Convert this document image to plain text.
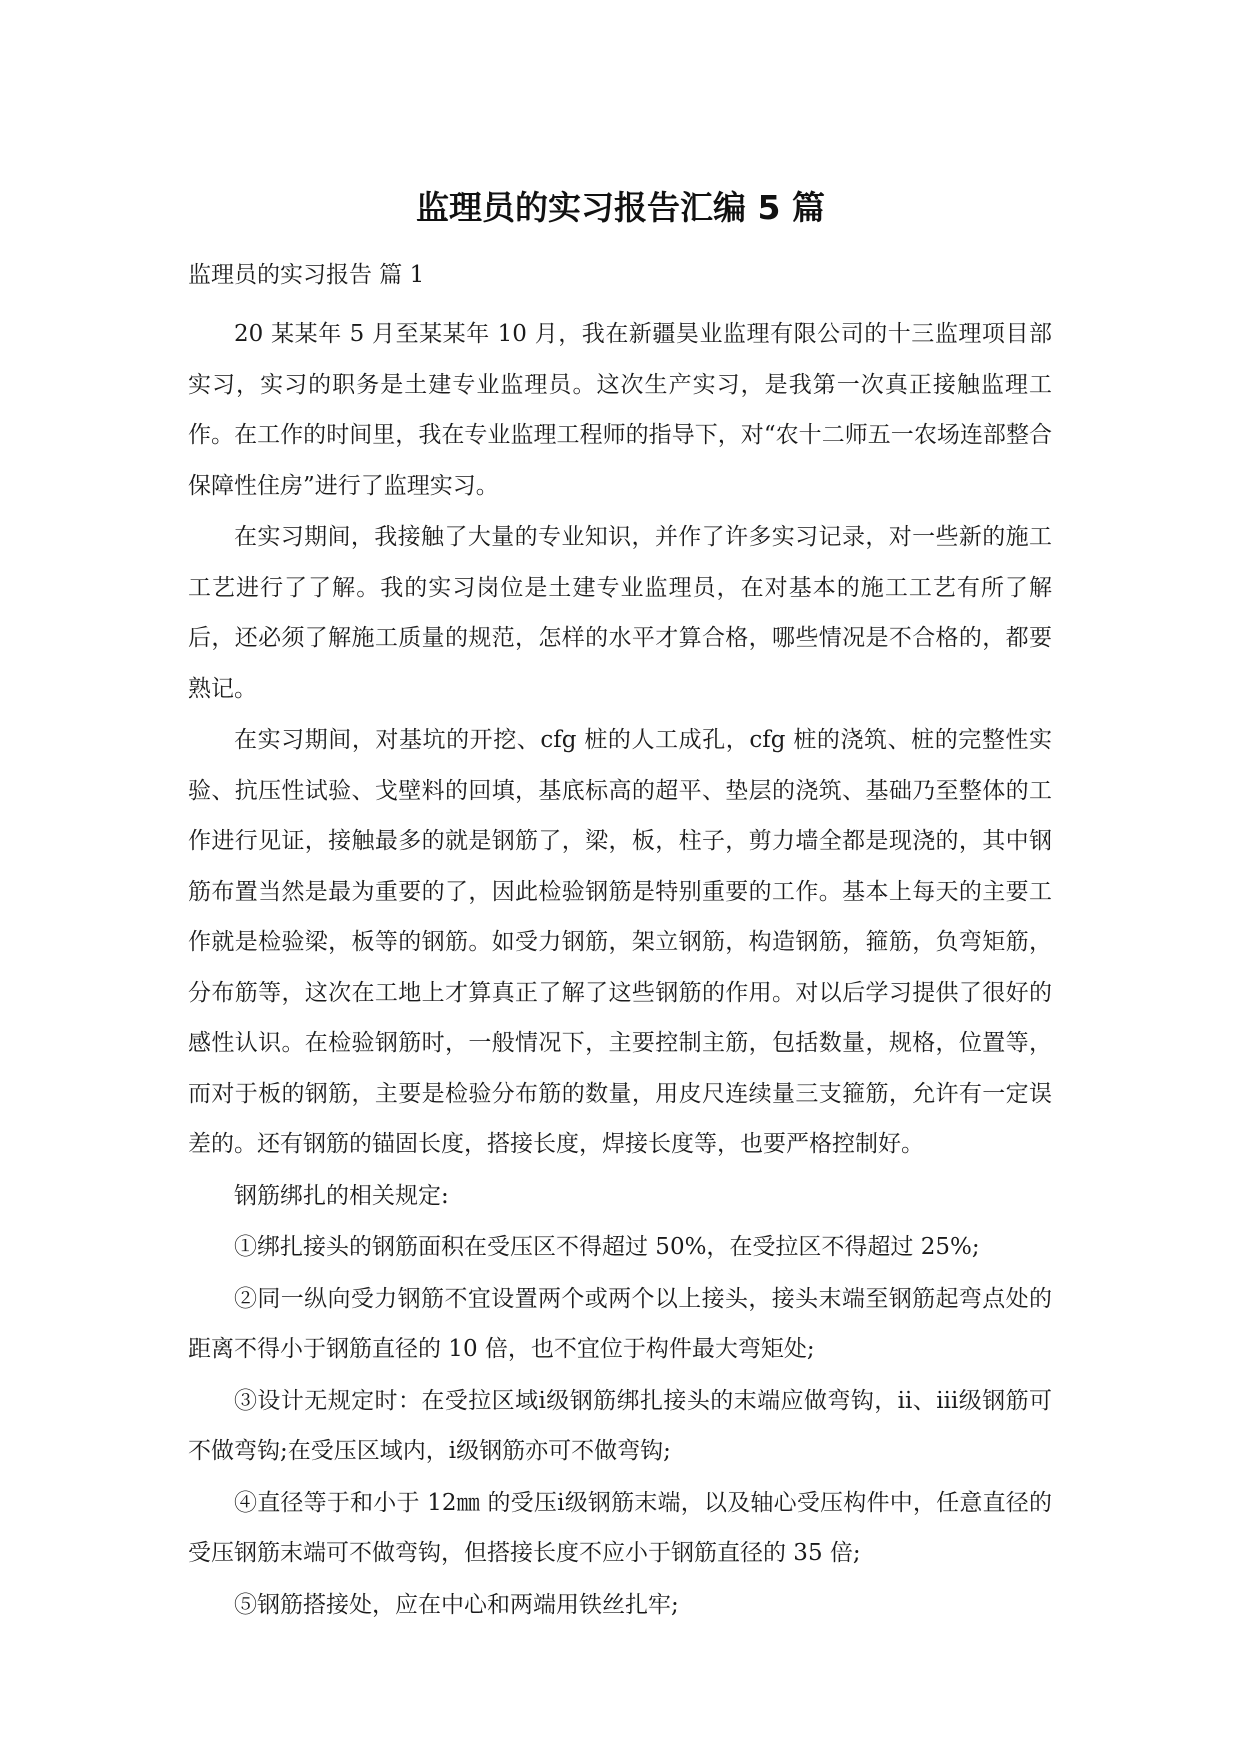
监理员的实习报告汇编 5 篇

监理员的实习报告 篇 1

20 某某年 5 月至某某年 10 月，我在新疆昊业监理有限公司的十三监理项目部实习，实习的职务是土建专业监理员。这次生产实习，是我第一次真正接触监理工作。在工作的时间里，我在专业监理工程师的指导下，对“农十二师五一农场连部整合保障性住房”进行了监理实习。

在实习期间，我接触了大量的专业知识，并作了许多实习记录，对一些新的施工工艺进行了了解。我的实习岗位是土建专业监理员，在对基本的施工工艺有所了解后，还必须了解施工质量的规范，怎样的水平才算合格，哪些情况是不合格的，都要熟记。

在实习期间，对基坑的开挖、cfg 桩的人工成孔，cfg 桩的浇筑、桩的完整性实验、抗压性试验、戈壁料的回填，基底标高的超平、垫层的浇筑、基础乃至整体的工作进行见证，接触最多的就是钢筋了，梁，板，柱子，剪力墙全都是现浇的，其中钢筋布置当然是最为重要的了，因此检验钢筋是特别重要的工作。基本上每天的主要工作就是检验梁，板等的钢筋。如受力钢筋，架立钢筋，构造钢筋，箍筋，负弯矩筋，分布筋等，这次在工地上才算真正了解了这些钢筋的作用。对以后学习提供了很好的感性认识。在检验钢筋时，一般情况下，主要控制主筋，包括数量，规格，位置等，而对于板的钢筋，主要是检验分布筋的数量，用皮尺连续量三支箍筋，允许有一定误差的。还有钢筋的锚固长度，搭接长度，焊接长度等，也要严格控制好。

钢筋绑扎的相关规定:

①绑扎接头的钢筋面积在受压区不得超过 50%，在受拉区不得超过 25%;

②同一纵向受力钢筋不宜设置两个或两个以上接头，接头末端至钢筋起弯点处的距离不得小于钢筋直径的 10 倍，也不宜位于构件最大弯矩处;

③设计无规定时：在受拉区域ⅰ级钢筋绑扎接头的末端应做弯钩，ⅱ、ⅲ级钢筋可不做弯钩;在受压区域内，ⅰ级钢筋亦可不做弯钩;

④直径等于和小于 12㎜ 的受压ⅰ级钢筋末端，以及轴心受压构件中，任意直径的受压钢筋末端可不做弯钩，但搭接长度不应小于钢筋直径的 35 倍;

⑤钢筋搭接处，应在中心和两端用铁丝扎牢;
